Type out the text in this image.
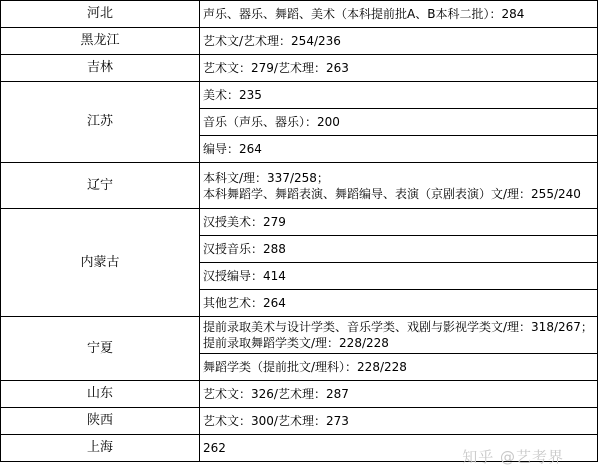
河北	声乐、器乐、舞蹈、美术（本科提前批A、B本科二批）：284
黑龙江	艺术文/艺术理：254/236
吉林	艺术文：279/艺术理：263
江苏	美术：235
	音乐（声乐、器乐）：200
	编导：264
辽宁	本科文/理：337/258；
本科舞蹈学、舞蹈表演、舞蹈编导、表演（京剧表演）文/理：255/240

内蒙古	汉授美术：279
	汉授音乐：288
	汉授编导：414
	其他艺术：264
宁夏	提前录取美术与设计学类、音乐学类、戏剧与影视学类文/理：318/267；提前录取舞蹈学类文/理：228/228
	舞蹈学类（提前批文/理科）：228/228
山东	艺术文：326/艺术理：287
陕西	艺术文：300/艺术理：273
上海	262	知乎 @艺考界
